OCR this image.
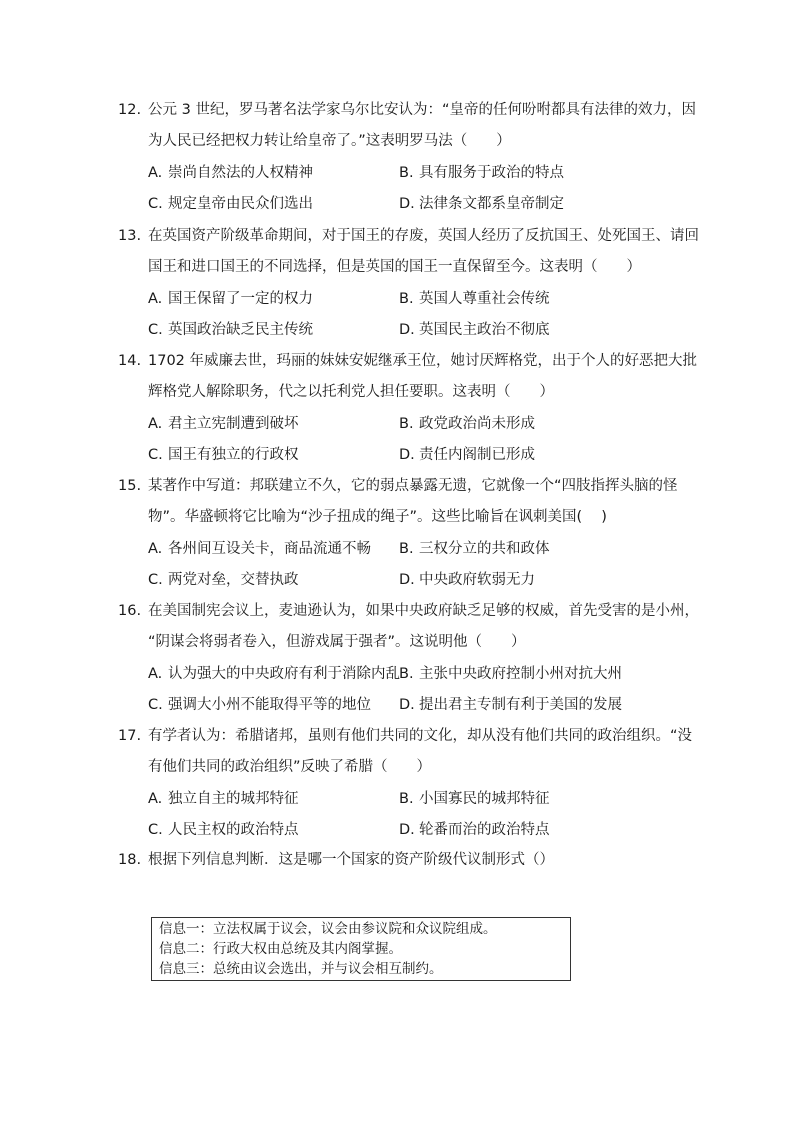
12. 公元 3 世纪，罗马著名法学家乌尔比安认为：“皇帝的任何吩咐都具有法律的效力，因
为人民已经把权力转让给皇帝了。”这表明罗马法（　　）
A. 崇尚自然法的人权精神	B. 具有服务于政治的特点
C. 规定皇帝由民众们选出	D. 法律条文都系皇帝制定
13. 在英国资产阶级革命期间，对于国王的存废，英国人经历了反抗国王、处死国王、请回
国王和进口国王的不同选择，但是英国的国王一直保留至今。这表明（　　）
A. 国王保留了一定的权力	B. 英国人尊重社会传统
C. 英国政治缺乏民主传统	D. 英国民主政治不彻底
14. 1702 年威廉去世，玛丽的妹妹安妮继承王位，她讨厌辉格党，出于个人的好恶把大批
辉格党人解除职务，代之以托利党人担任要职。这表明（　　）
A. 君主立宪制遭到破坏	B. 政党政治尚未形成
C. 国王有独立的行政权	D. 责任内阁制已形成
15. 某著作中写道：邦联建立不久，它的弱点暴露无遗，它就像一个“四肢指挥头脑的怪
物”。华盛顿将它比喻为“沙子扭成的绳子”。这些比喻旨在讽刺美国(　 )
A. 各州间互设关卡，商品流通不畅 B. 三权分立的共和政体
C. 两党对垒，交替执政	D. 中央政府软弱无力
16. 在美国制宪会议上，麦迪逊认为，如果中央政府缺乏足够的权威，首先受害的是小州，
“阴谋会将弱者卷入，但游戏属于强者”。这说明他（　　）
A. 认为强大的中央政府有利于消除内乱 B. 主张中央政府控制小州对抗大州
C. 强调大小州不能取得平等的地位 D. 提出君主专制有利于美国的发展
17. 有学者认为：希腊诸邦，虽则有他们共同的文化，却从没有他们共同的政治组织。“没
有他们共同的政治组织”反映了希腊（　　）
A. 独立自主的城邦特征	B. 小国寡民的城邦特征
C. 人民主权的政治特点	D. 轮番而治的政治特点
18. 根据下列信息判断．这是哪一个国家的资产阶级代议制形式（）
信息一：立法权属于议会，议会由参议院和众议院组成。
信息二：行政大权由总统及其内阁掌握。
信息三：总统由议会选出，并与议会相互制约。
